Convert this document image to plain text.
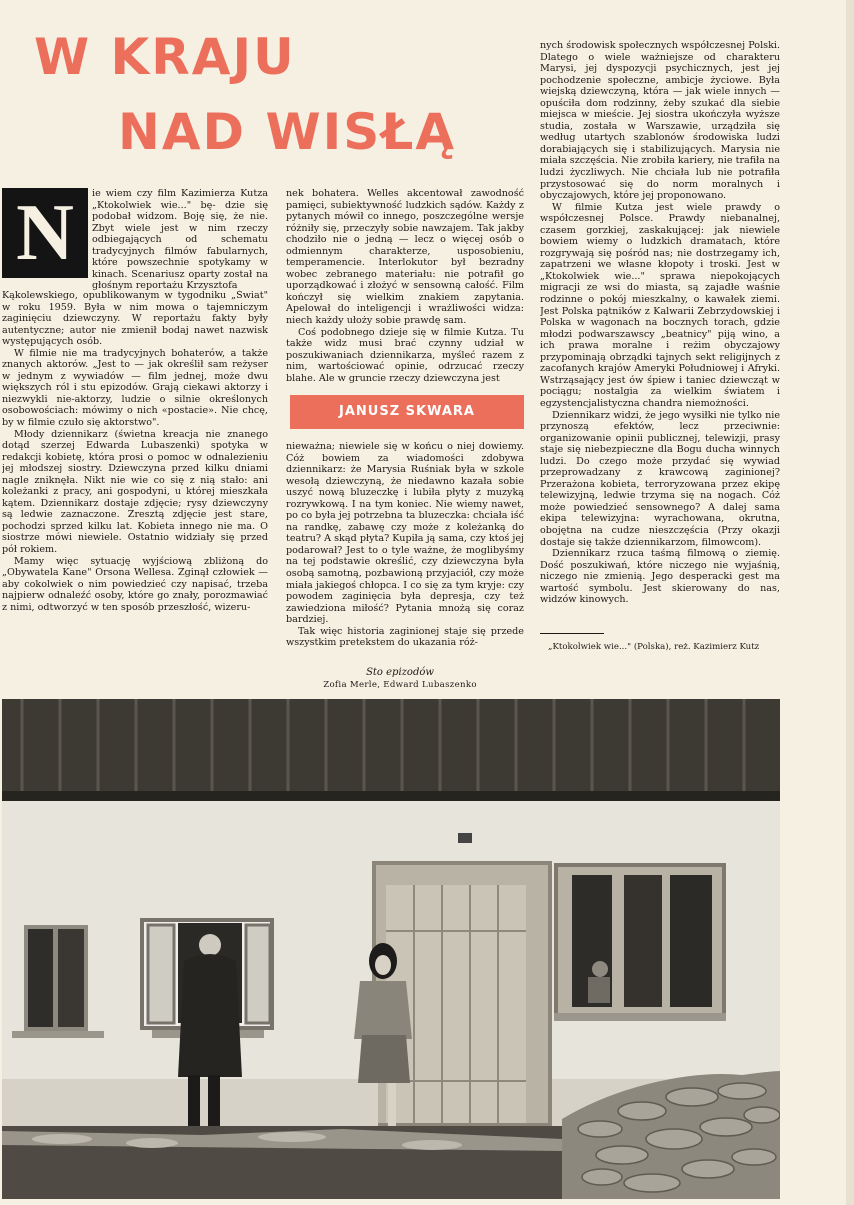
W KRAJU
NAD WISŁĄ
N	ie wiem czy film Kazimierza Kutza „Ktokolwiek wie..." bę- dzie się podobał widzom. Boję się, że nie. Zbyt wiele jest w nim rzeczy odbiegających od schematu tradycyjnych filmów fabularnych, które powszechnie spotykamy w kinach. Scenariusz oparty został na głośnym reportażu Krzysztofa

Kąkolewskiego, opublikowanym w tygodniku „Świat" w roku 1959. Była w nim mowa o tajemniczym zaginięciu dziewczyny. W reportażu fakty były autentyczne; autor nie zmienił bodaj nawet nazwisk występujących osób.

W filmie nie ma tradycyjnych bohaterów, a także znanych aktorów. „Jest to — jak określił sam reżyser w jednym z wywiadów — film jednej, może dwu większych ról i stu epizodów. Grają ciekawi aktorzy i niezwykli nie-aktorzy, ludzie o silnie określonych osobowościach: mówimy o nich «postacie». Nie chcę, by w filmie czuło się aktorstwo".

Młody dziennikarz (świetna kreacja nie znanego dotąd szerzej Edwarda Lubaszenki) spotyka w redakcji kobietę, która prosi o pomoc w odnalezieniu jej młodszej siostry. Dziewczyna przed kilku dniami nagle zniknęła. Nikt nie wie co się z nią stało: ani koleżanki z pracy, ani gospodyni, u której mieszkała kątem. Dziennikarz dostaje zdjęcie; rysy dziewczyny są ledwie zaznaczone. Zresztą zdjęcie jest stare, pochodzi sprzed kilku lat. Kobieta innego nie ma. O siostrze mówi niewiele. Ostatnio widziały się przed pół rokiem.

Mamy więc sytuację wyjściową zbliżoną do „Obywatela Kane" Orsona Wellesa. Zginął człowiek — aby cokolwiek o nim powiedzieć czy napisać, trzeba najpierw odnaleźć osoby, które go znały, porozmawiać z nimi, odtworzyć w ten sposób przeszłość, wizeru-

nek bohatera. Welles akcentował zawodność pamięci, subiektywność ludzkich sądów. Każdy z pytanych mówił co innego, poszczególne wersje różniły się, przeczyły sobie nawzajem. Tak jakby chodziło nie o jedną — lecz o więcej osób o odmiennym charakterze, usposobieniu, temperamencie. Interlokutor był bezradny wobec zebranego materiału: nie potrafił go uporządkować i złożyć w sensowną całość. Film kończył się wielkim znakiem zapytania. Apelował do inteligencji i wrażliwości widza: niech każdy ułoży sobie prawdę sam.

Coś podobnego dzieje się w filmie Kutza. Tu także widz musi brać czynny udział w poszukiwaniach dziennikarza, myśleć razem z nim, wartościować opinie, odrzucać rzeczy blahe. Ale w gruncie rzeczy dziewczyna jest

JANUSZ SKWARA

nieważna; niewiele się w końcu o niej dowiemy. Cóż bowiem za wiadomości zdobywa dziennikarz: że Marysia Ruśniak była w szkole wesołą dziewczyną, że niedawno kazała sobie uszyć nową bluzeczkę i lubiła płyty z muzyką rozrywkową. I na tym koniec. Nie wiemy nawet, po co była jej potrzebna ta bluzeczka: chciała iść na randkę, zabawę czy może z koleżanką do teatru? A skąd płyta? Kupiła ją sama, czy ktoś jej podarował? Jest to o tyle ważne, że moglibyśmy na tej podstawie określić, czy dziewczyna była osobą samotną, pozbawioną przyjaciół, czy może miała jakiegoś chłopca. I co się za tym kryje: czy powodem zaginięcia była depresja, czy też zawiedziona miłość? Pytania mnożą się coraz bardziej.

Tak więc historia zaginionej staje się przede wszystkim pretekstem do ukazania róż-

nych środowisk społecznych współczesnej Polski. Dlatego o wiele ważniejsze od charakteru Marysi, jej dyspozycji psychicznych, jest jej pochodzenie społeczne, ambicje życiowe. Była wiejską dziewczyną, która — jak wiele innych — opuściła dom rodzinny, żeby szukać dla siebie miejsca w mieście. Jej siostra ukończyła wyższe studia, została w Warszawie, urządziła się według utartych szablonów środowiska ludzi dorabiających się i stabilizujących. Marysia nie miała szczęścia. Nie zrobiła kariery, nie trafiła na ludzi życzliwych. Nie chciała lub nie potrafiła przystosować się do norm moralnych i obyczajowych, które jej proponowano.

W filmie Kutza jest wiele prawdy o współczesnej Polsce. Prawdy niebanalnej, czasem gorzkiej, zaskakującej: jak niewiele bowiem wiemy o ludzkich dramatach, które rozgrywają się pośród nas; nie dostrzegamy ich, zapatrzeni we własne kłopoty i troski. Jest w „Ktokolwiek wie..." sprawa niepokojących migracji ze wsi do miasta, są zajadłe waśnie rodzinne o pokój mieszkalny, o kawałek ziemi. Jest Polska pątników z Kalwarii Zebrzydowskiej i Polska w wagonach na bocznych torach, gdzie młodzi podwarszawscy „beatnicy" piją wino, a ich prawa moralne i reżim obyczajowy przypominają obrządki tajnych sekt religijnych z zacofanych krajów Ameryki Południowej i Afryki. Wstrząsający jest ów śpiew i taniec dziewcząt w pociągu; nostalgia za wielkim światem i egzystencjalistyczna chandra niemożności.

Dziennikarz widzi, że jego wysiłki nie tylko nie przynoszą efektów, lecz przeciwnie: organizowanie opinii publicznej, telewizji, prasy staje się niebezpieczne dla Bogu ducha winnych ludzi. Do czego może przydać się wywiad przeprowadzany z krawcową zaginionej? Przerażona kobieta, terroryzowana przez ekipę telewizyjną, ledwie trzyma się na nogach. Cóż może powiedzieć sensownego? A dalej sama ekipa telewizyjna: wyrachowana, okrutna, obojętna na cudze nieszczęścia (Przy okazji dostaje się także dziennikarzom, filmowcom).

Dziennikarz rzuca taśmą filmową o ziemię. Dość poszukiwań, które niczego nie wyjaśnią, niczego nie zmienią. Jego desperacki gest ma wartość symbolu. Jest skierowany do nas, widzów kinowych.

„Ktokolwiek wie..." (Polska), reż. Kazimierz Kutz
Sto epizodów
Zofia Merle, Edward Lubaszenko
